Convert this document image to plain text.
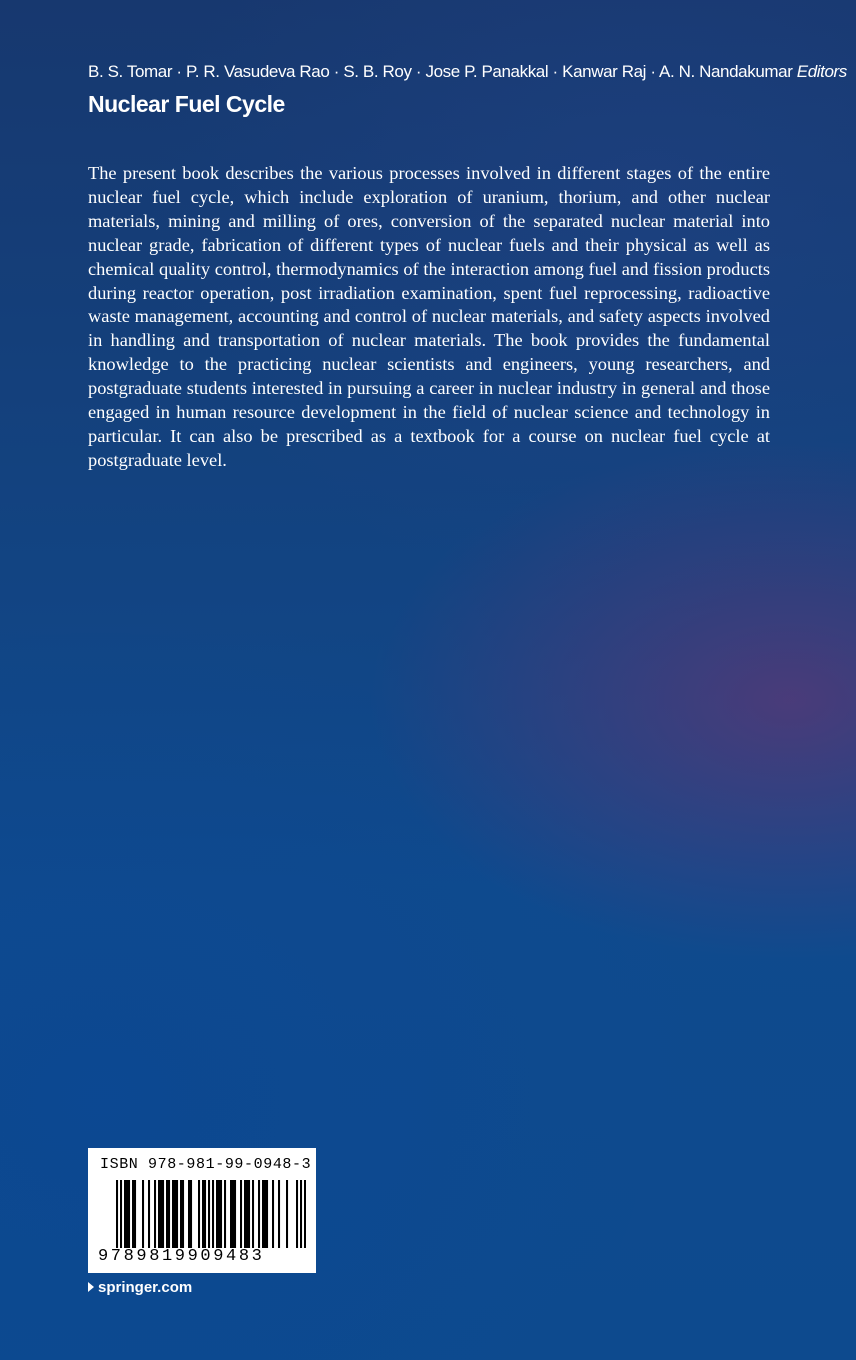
B. S. Tomar · P. R. Vasudeva Rao · S. B. Roy · Jose P. Panakkal · Kanwar Raj · A. N. Nandakumar Editors
Nuclear Fuel Cycle

The present book describes the various processes involved in different stages of the entire nuclear fuel cycle, which include exploration of uranium, thorium, and other nuclear materials, mining and milling of ores, conversion of the separated nuclear material into nuclear grade, fabrication of different types of nuclear fuels and their physical as well as chemical quality control, thermodynamics of the interaction among fuel and fission products during reactor operation, post irradiation examination, spent fuel reprocessing, radioactive waste management, accounting and control of nuclear materials, and safety aspects involved in handling and transportation of nuclear materials. The book provides the fundamental knowledge to the practicing nuclear scientists and engineers, young researchers, and postgraduate students interested in pursuing a career in nuclear industry in general and those engaged in human resource development in the field of nuclear science and technology in particular. It can also be prescribed as a textbook for a course on nuclear fuel cycle at postgraduate level.

ISBN 978-981-99-0948-3
9789819909483
springer.com
